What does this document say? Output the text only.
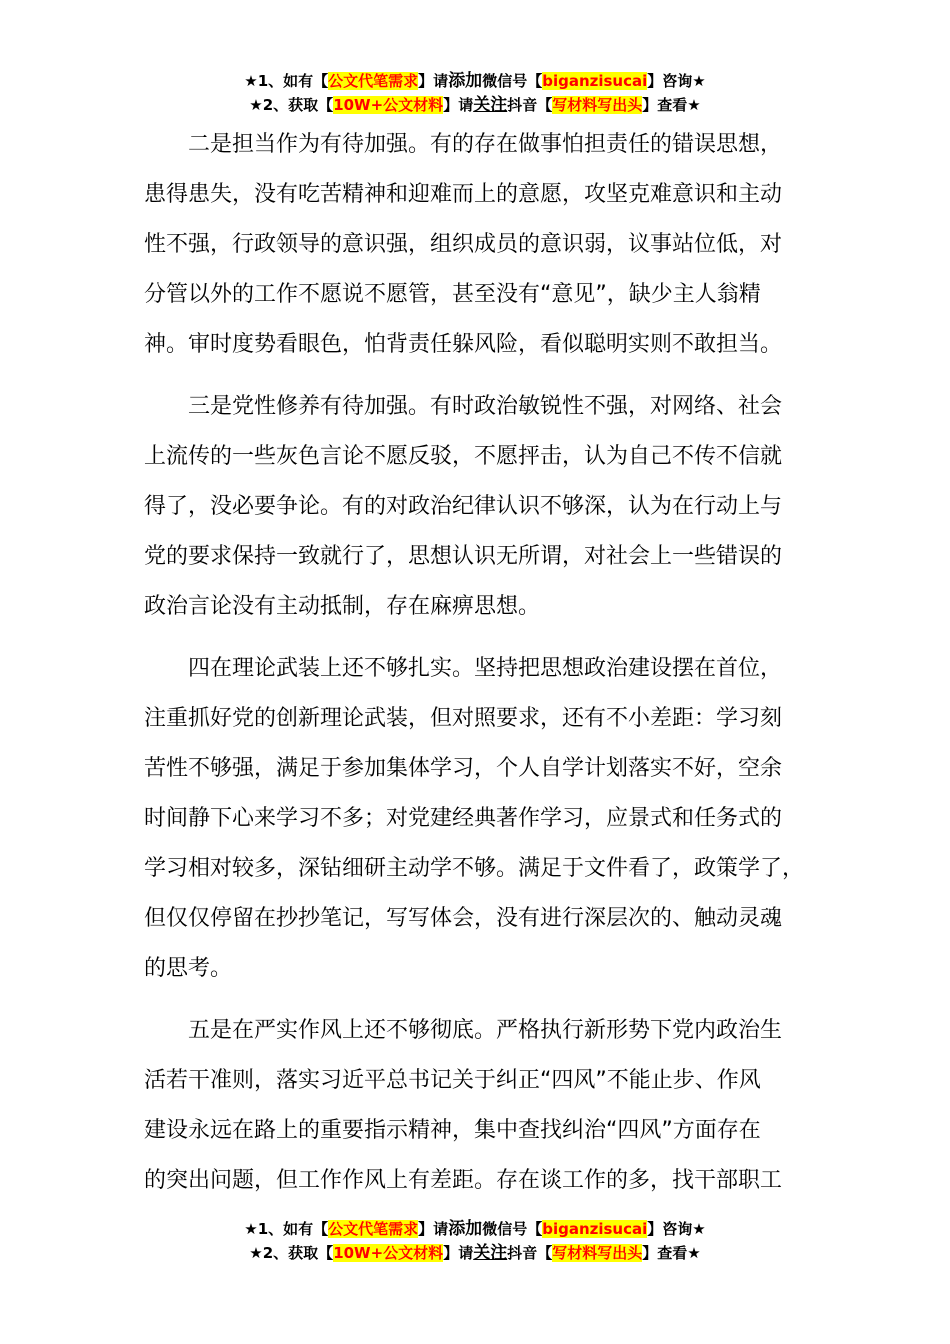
★1、如有【公文代笔需求】请添加微信号【biganzisucai】咨询★
★2、获取【10W+公文材料】请关注抖音【写材料写出头】查看★
　　二是担当作为有待加强。有的存在做事怕担责任的错误思想，
患得患失，没有吃苦精神和迎难而上的意愿，攻坚克难意识和主动
性不强，行政领导的意识强，组织成员的意识弱，议事站位低，对
分管以外的工作不愿说不愿管，甚至没有“意见”，缺少主人翁精
神。审时度势看眼色，怕背责任躲风险，看似聪明实则不敢担当。
　　三是党性修养有待加强。有时政治敏锐性不强，对网络、社会
上流传的一些灰色言论不愿反驳，不愿抨击，认为自己不传不信就
得了，没必要争论。有的对政治纪律认识不够深，认为在行动上与
党的要求保持一致就行了，思想认识无所谓，对社会上一些错误的
政治言论没有主动抵制，存在麻痹思想。
　　四在理论武装上还不够扎实。坚持把思想政治建设摆在首位，
注重抓好党的创新理论武装，但对照要求，还有不小差距：学习刻
苦性不够强，满足于参加集体学习，个人自学计划落实不好，空余
时间静下心来学习不多；对党建经典著作学习，应景式和任务式的
学习相对较多，深钻细研主动学不够。满足于文件看了，政策学了，
但仅仅停留在抄抄笔记，写写体会，没有进行深层次的、触动灵魂
的思考。
　　五是在严实作风上还不够彻底。严格执行新形势下党内政治生
活若干准则，落实习近平总书记关于纠正“四风”不能止步、作风
建设永远在路上的重要指示精神，集中查找纠治“四风”方面存在
的突出问题，但工作作风上有差距。存在谈工作的多，找干部职工
★1、如有【公文代笔需求】请添加微信号【biganzisucai】咨询★
★2、获取【10W+公文材料】请关注抖音【写材料写出头】查看★
